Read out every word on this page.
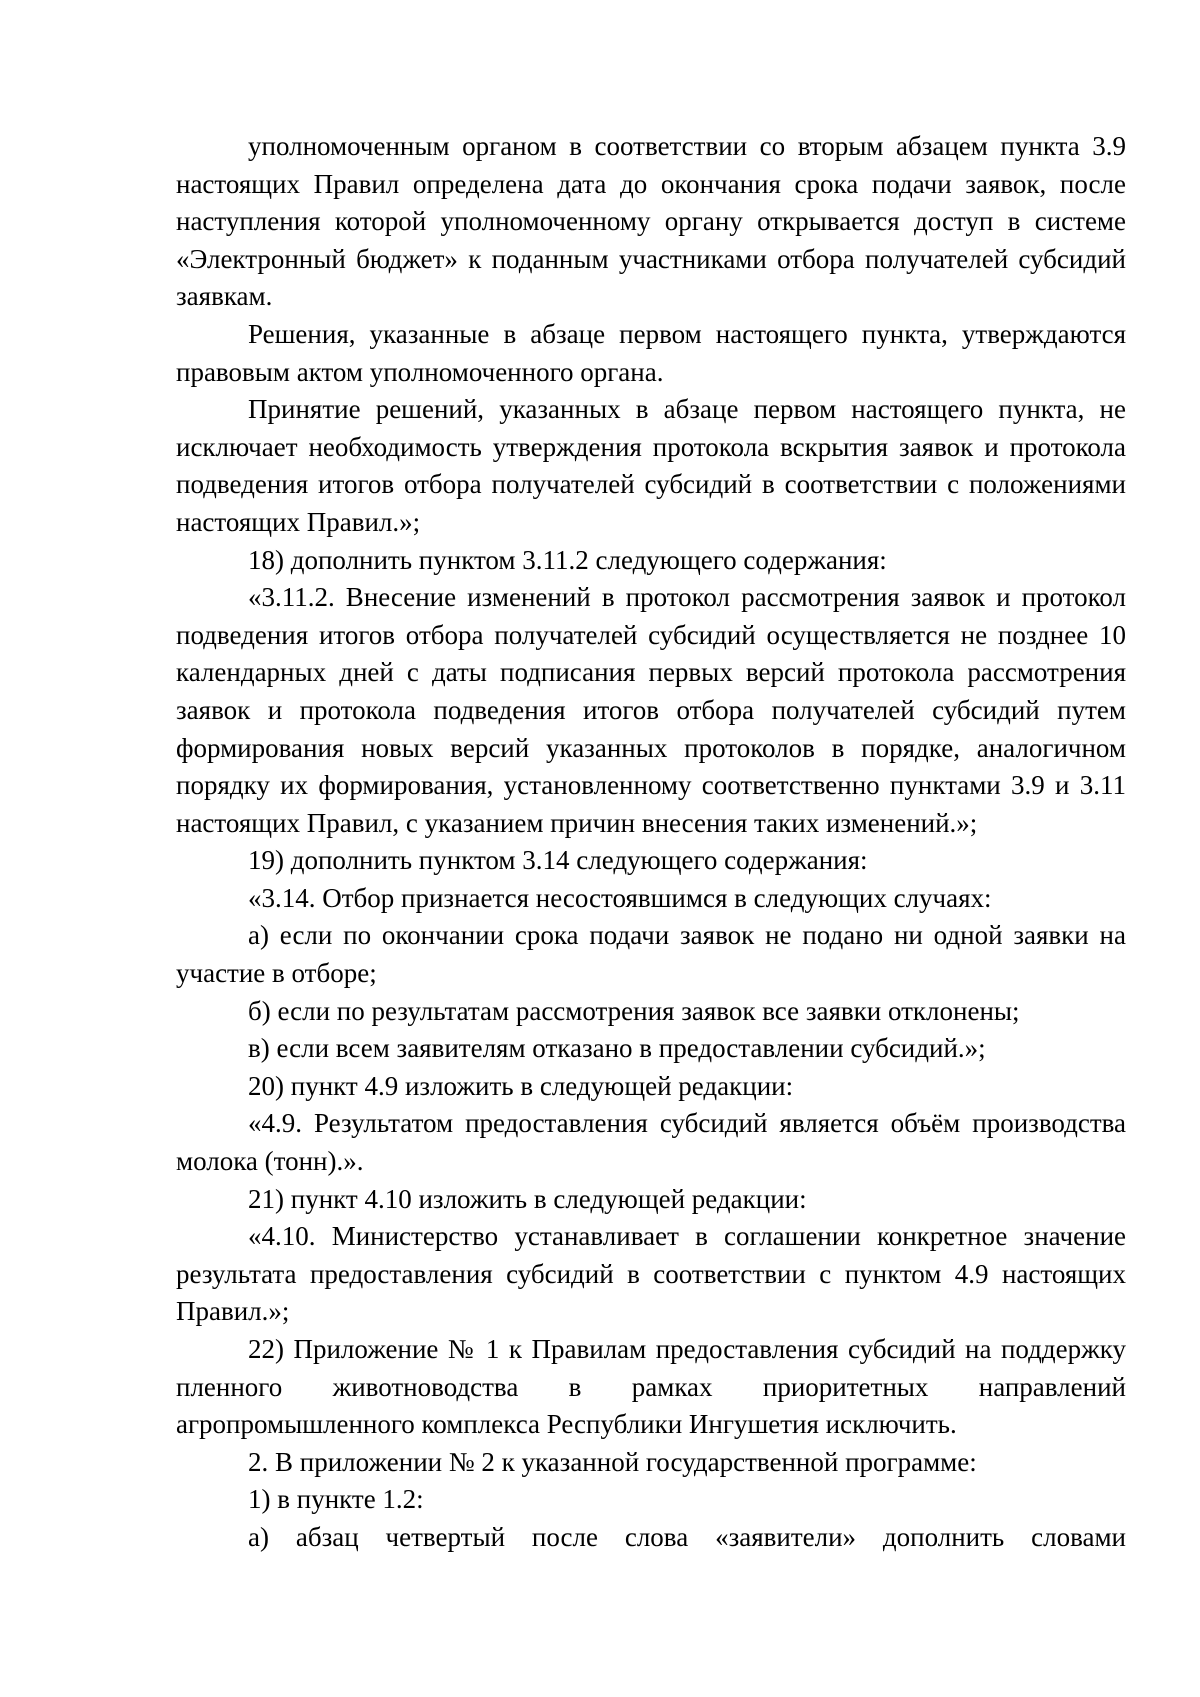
уполномоченным органом в соответствии со вторым абзацем пункта 3.9 настоящих Правил определена дата до окончания срока подачи заявок, после наступления которой уполномоченному органу открывается доступ в системе «Электронный бюджет» к поданным участниками отбора получателей субсидий заявкам.

Решения, указанные в абзаце первом настоящего пункта, утверждаются правовым актом уполномоченного органа.

Принятие решений, указанных в абзаце первом настоящего пункта, не исключает необходимость утверждения протокола вскрытия заявок и протокола подведения итогов отбора получателей субсидий в соответствии с положениями настоящих Правил.»;

18) дополнить пунктом 3.11.2 следующего содержания:

«3.11.2. Внесение изменений в протокол рассмотрения заявок и протокол подведения итогов отбора получателей субсидий осуществляется не позднее 10 календарных дней с даты подписания первых версий протокола рассмотрения заявок и протокола подведения итогов отбора получателей субсидий путем формирования новых версий указанных протоколов в порядке, аналогичном порядку их формирования, установленному соответственно пунктами 3.9 и 3.11 настоящих Правил, с указанием причин внесения таких изменений.»;

19) дополнить пунктом 3.14 следующего содержания:

«3.14. Отбор признается несостоявшимся в следующих случаях:

а) если по окончании срока подачи заявок не подано ни одной заявки на участие в отборе;

б) если по результатам рассмотрения заявок все заявки отклонены;

в) если всем заявителям отказано в предоставлении субсидий.»;

20) пункт 4.9 изложить в следующей редакции:

«4.9. Результатом предоставления субсидий является объём производства молока (тонн).».

21) пункт 4.10 изложить в следующей редакции:

«4.10. Министерство устанавливает в соглашении конкретное значение результата предоставления субсидий в соответствии с пунктом 4.9 настоящих Правил.»;

22) Приложение № 1 к Правилам предоставления субсидий на поддержку пленного животноводства в рамках приоритетных направлений агропромышленного комплекса Республики Ингушетия исключить.

2. В приложении № 2 к указанной государственной программе:

1) в пункте 1.2:

а) абзац четвертый после слова «заявители» дополнить словами
